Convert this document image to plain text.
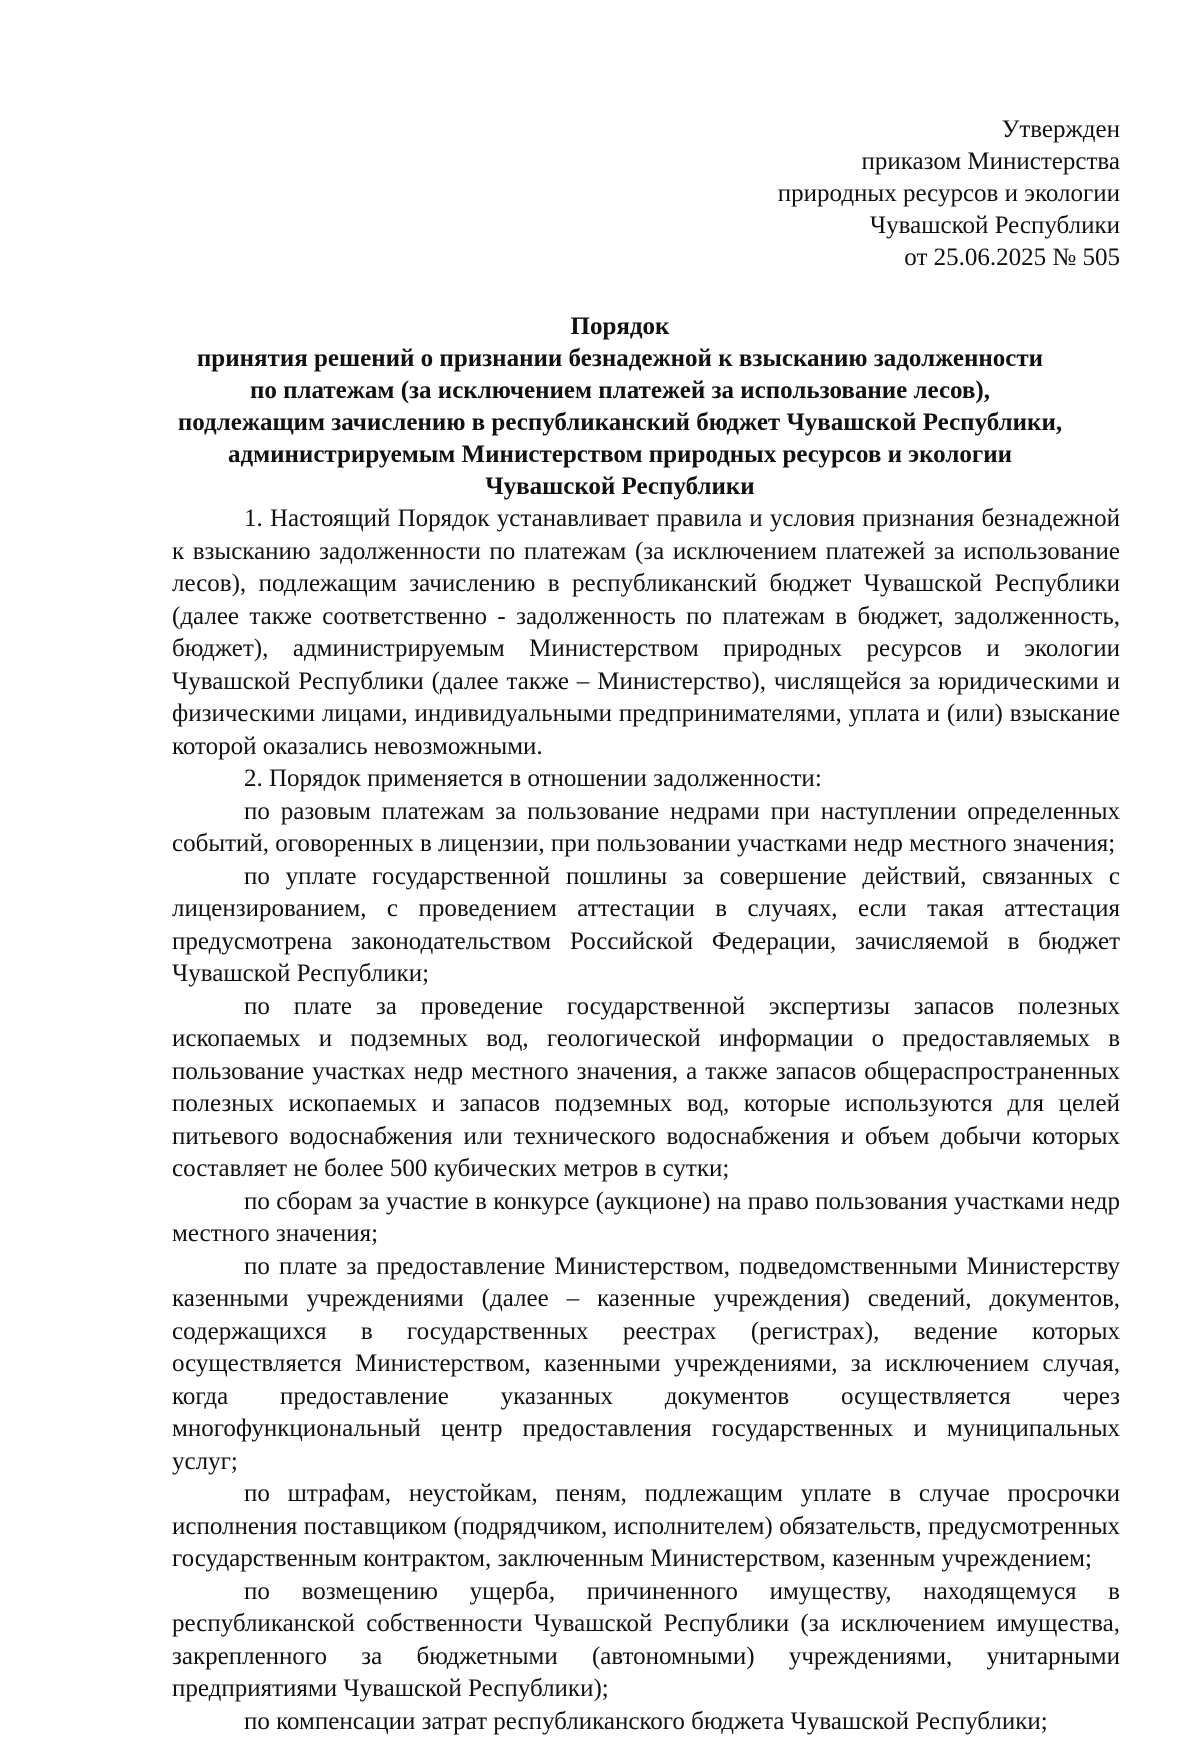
Утвержден
приказом Министерства
природных ресурсов и экологии
Чувашской Республики
от 25.06.2025 № 505
Порядок
принятия решений о признании безнадежной к взысканию задолженности
по платежам (за исключением платежей за использование лесов),
подлежащим зачислению в республиканский бюджет Чувашской Республики,
администрируемым Министерством природных ресурсов и экологии
Чувашской Республики

1. Настоящий Порядок устанавливает правила и условия признания безнадежной к взысканию задолженности по платежам (за исключением платежей за использование лесов), подлежащим зачислению в республиканский бюджет Чувашской Республики (далее также соответственно - задолженность по платежам в бюджет, задолженность, бюджет), администрируемым Министерством природных ресурсов и экологии Чувашской Республики (далее также – Министерство), числящейся за юридическими и физическими лицами, индивидуальными предпринимателями, уплата и (или) взыскание которой оказались невозможными.

2. Порядок применяется в отношении задолженности:

по разовым платежам за пользование недрами при наступлении определенных событий, оговоренных в лицензии, при пользовании участками недр местного значения;

по уплате государственной пошлины за совершение действий, связанных с лицензированием, с проведением аттестации в случаях, если такая аттестация предусмотрена законодательством Российской Федерации, зачисляемой в бюджет Чувашской Республики;

по плате за проведение государственной экспертизы запасов полезных ископаемых и подземных вод, геологической информации о предоставляемых в пользование участках недр местного значения, а также запасов общераспространенных полезных ископаемых и запасов подземных вод, которые используются для целей питьевого водоснабжения или технического водоснабжения и объем добычи которых составляет не более 500 кубических метров в сутки;

по сборам за участие в конкурсе (аукционе) на право пользования участками недр местного значения;

по плате за предоставление Министерством, подведомственными Министерству казенными учреждениями (далее – казенные учреждения) сведений, документов, содержащихся в государственных реестрах (регистрах), ведение которых осуществляется Министерством, казенными учреждениями, за исключением случая, когда предоставление указанных документов осуществляется через многофункциональный центр предоставления государственных и муниципальных услуг;

по штрафам, неустойкам, пеням, подлежащим уплате в случае просрочки исполнения поставщиком (подрядчиком, исполнителем) обязательств, предусмотренных государственным контрактом, заключенным Министерством, казенным учреждением;

по возмещению ущерба, причиненного имуществу, находящемуся в республиканской собственности Чувашской Республики (за исключением имущества, закрепленного за бюджетными (автономными) учреждениями, унитарными предприятиями Чувашской Республики);

по компенсации затрат республиканского бюджета Чувашской Республики;
